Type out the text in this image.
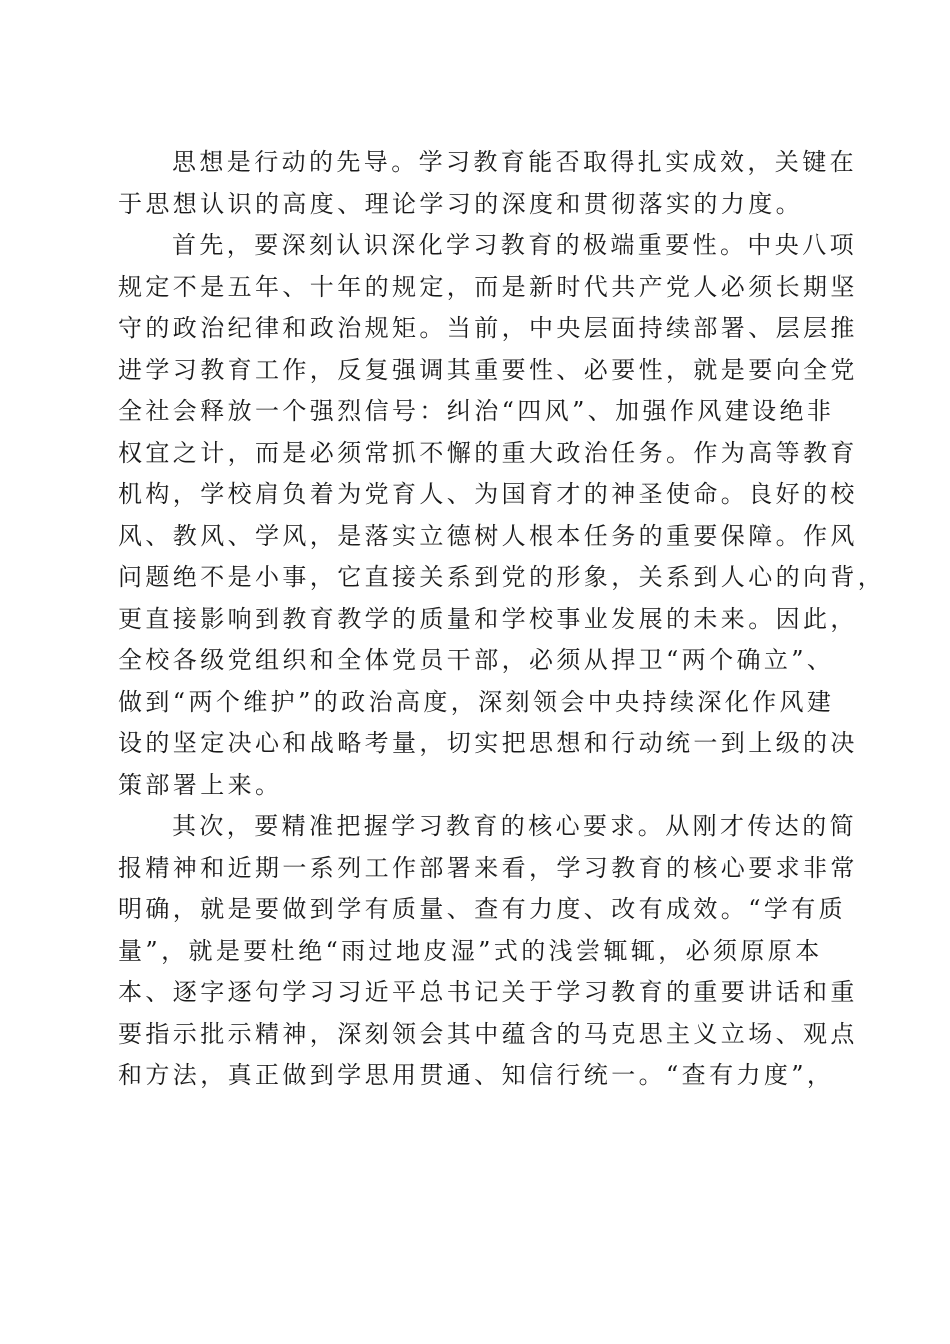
思想是行动的先导。学习教育能否取得扎实成效，关键在
于思想认识的高度、理论学习的深度和贯彻落实的力度。

首先，要深刻认识深化学习教育的极端重要性。中央八项
规定不是五年、十年的规定，而是新时代共产党人必须长期坚
守的政治纪律和政治规矩。当前，中央层面持续部署、层层推
进学习教育工作，反复强调其重要性、必要性，就是要向全党
全社会释放一个强烈信号：纠治“四风”、加强作风建设绝非
权宜之计，而是必须常抓不懈的重大政治任务。作为高等教育
机构，学校肩负着为党育人、为国育才的神圣使命。良好的校
风、教风、学风，是落实立德树人根本任务的重要保障。作风
问题绝不是小事，它直接关系到党的形象，关系到人心的向背，
更直接影响到教育教学的质量和学校事业发展的未来。因此，
全校各级党组织和全体党员干部，必须从捍卫“两个确立”、
做到“两个维护”的政治高度，深刻领会中央持续深化作风建
设的坚定决心和战略考量，切实把思想和行动统一到上级的决
策部署上来。

其次，要精准把握学习教育的核心要求。从刚才传达的简
报精神和近期一系列工作部署来看，学习教育的核心要求非常
明确，就是要做到学有质量、查有力度、改有成效。“学有质
量”，就是要杜绝“雨过地皮湿”式的浅尝辄辄，必须原原本
本、逐字逐句学习习近平总书记关于学习教育的重要讲话和重
要指示批示精神，深刻领会其中蕴含的马克思主义立场、观点
和方法，真正做到学思用贯通、知信行统一。“查有力度”，
